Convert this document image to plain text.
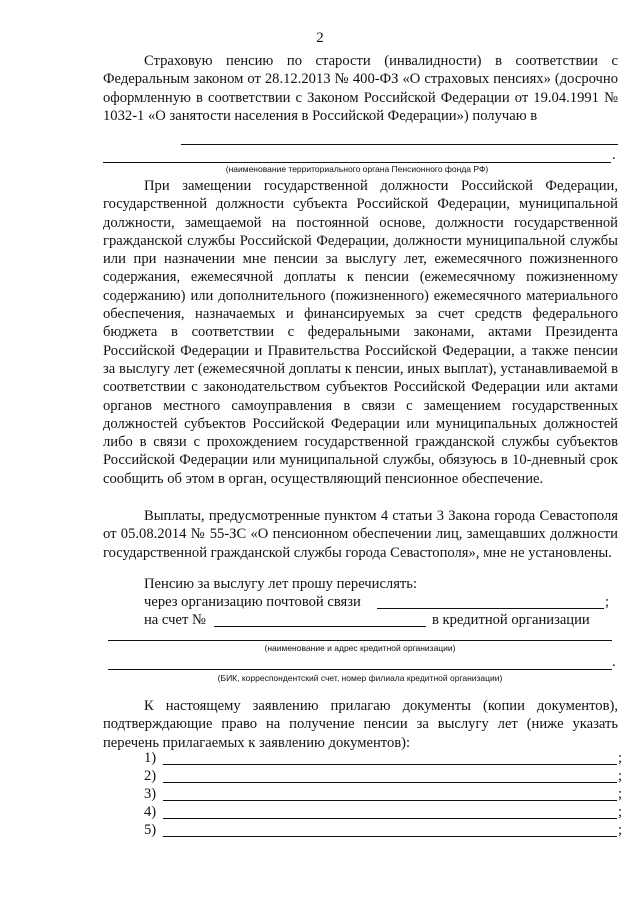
2

Страховую пенсию по старости (инвалидности) в соответствии с Федеральным законом от 28.12.2013 № 400-ФЗ «О страховых пенсиях» (досрочно оформленную в соответствии с Законом Российской Федерации от 19.04.1991 № 1032-1 «О занятости населения в Российской Федерации») получаю в

.
(наименование территориального органа Пенсионного фонда РФ)

При замещении государственной должности Российской Федерации, государственной должности субъекта Российской Федерации, муниципальной должности, замещаемой на постоянной основе, должности государственной гражданской службы Российской Федерации, должности муниципальной службы или при назначении мне пенсии за выслугу лет, ежемесячного пожизненного содержания, ежемесячной доплаты к пенсии (ежемесячному пожизненному содержанию) или дополнительного (пожизненного) ежемесячного материального обеспечения, назначаемых и финансируемых за счет средств федерального бюджета в соответствии с федеральными законами, актами Президента Российской Федерации и Правительства Российской Федерации, а также пенсии за выслугу лет (ежемесячной доплаты к пенсии, иных выплат), устанавливаемой в соответствии с законодательством субъектов Российской Федерации или актами органов местного самоуправления в связи с замещением государственных должностей субъектов Российской Федерации или муниципальных должностей либо в связи с прохождением государственной гражданской службы субъектов Российской Федерации или муниципальной службы, обязуюсь в 10-дневный срок сообщить об этом в орган, осуществляющий пенсионное обеспечение.

Выплаты, предусмотренные пунктом 4 статьи 3 Закона города Севастополя от 05.08.2014 № 55-ЗС «О пенсионном обеспечении лиц, замещавших должности государственной гражданской службы города Севастополя», мне не установлены.

Пенсию за выслугу лет прошу перечислять:
через организацию почтовой связи	;
на счет №	в кредитной организации
(наименование и адрес кредитной организации)
.
(БИК, корреспондентский счет, номер филиала кредитной организации)

К настоящему заявлению прилагаю документы (копии документов), подтверждающие право на получение пенсии за выслугу лет (ниже указать перечень прилагаемых к заявлению документов):

1)	;
2)	;
3)	;
4)	;
5)	;
